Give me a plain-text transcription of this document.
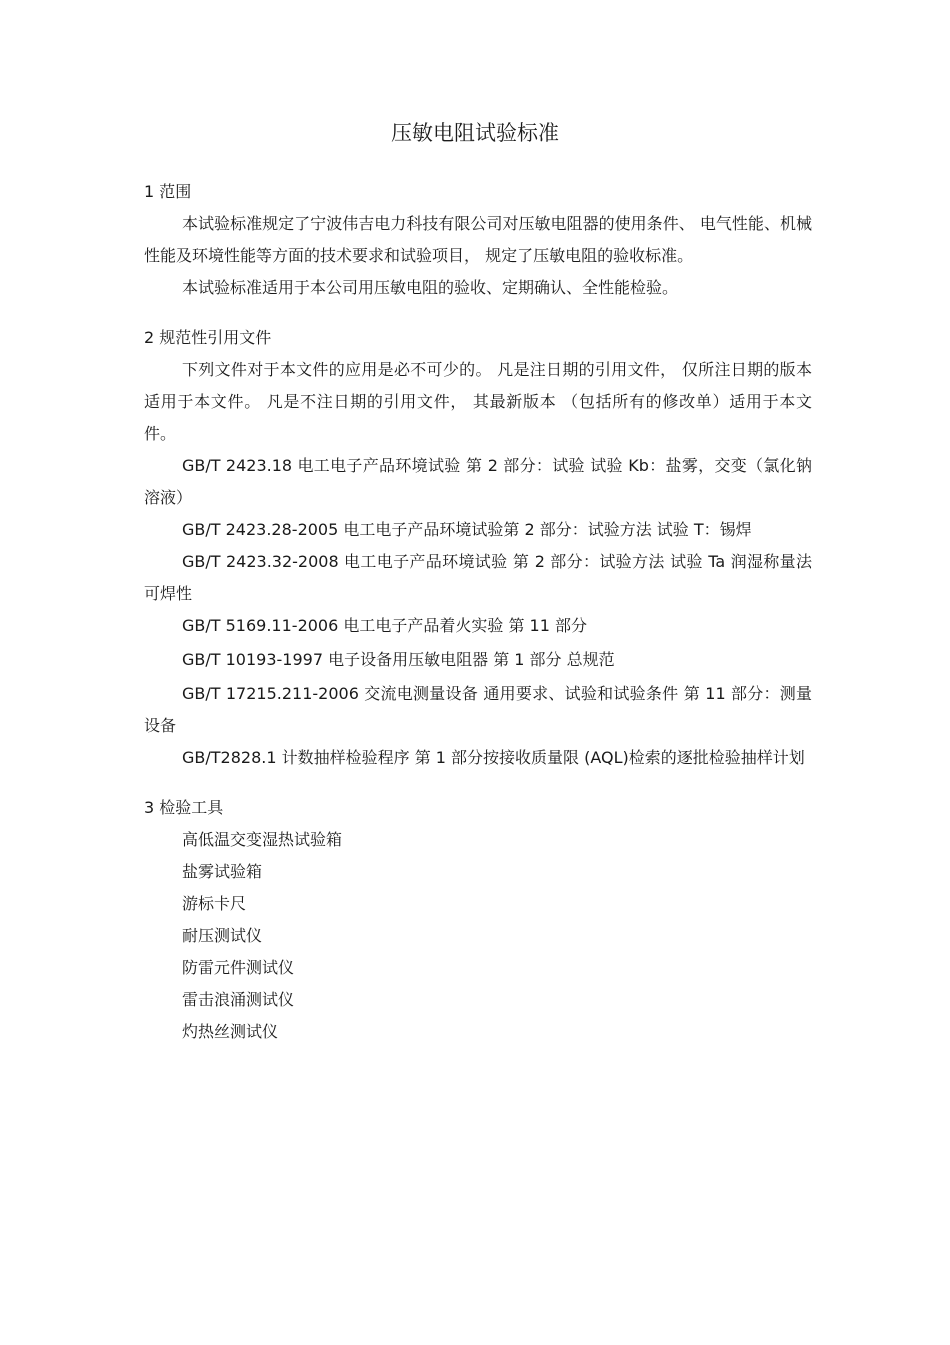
压敏电阻试验标准

1 范围

本试验标准规定了宁波伟吉电力科技有限公司对压敏电阻器的使用条件、 电气性能、机械性能及环境性能等方面的技术要求和试验项目， 规定了压敏电阻的验收标准。

本试验标准适用于本公司用压敏电阻的验收、定期确认、全性能检验。

2 规范性引用文件

下列文件对于本文件的应用是必不可少的。 凡是注日期的引用文件， 仅所注日期的版本适用于本文件。 凡是不注日期的引用文件， 其最新版本 （包括所有的修改单）适用于本文件。

GB/T 2423.18 电工电子产品环境试验 第 2 部分：试验 试验 Kb：盐雾，交变（氯化钠溶液）

GB/T 2423.28-2005 电工电子产品环境试验第 2 部分：试验方法 试验 T：锡焊

GB/T 2423.32-2008 电工电子产品环境试验 第 2 部分：试验方法 试验 Ta 润湿称量法可焊性

GB/T 5169.11-2006 电工电子产品着火实验 第 11 部分

GB/T 10193-1997 电子设备用压敏电阻器 第 1 部分 总规范

GB/T 17215.211-2006 交流电测量设备 通用要求、试验和试验条件 第 11 部分：测量设备

GB/T2828.1 计数抽样检验程序 第 1 部分按接收质量限 (AQL)检索的逐批检验抽样计划

3 检验工具

高低温交变湿热试验箱

盐雾试验箱

游标卡尺

耐压测试仪

防雷元件测试仪

雷击浪涌测试仪

灼热丝测试仪
